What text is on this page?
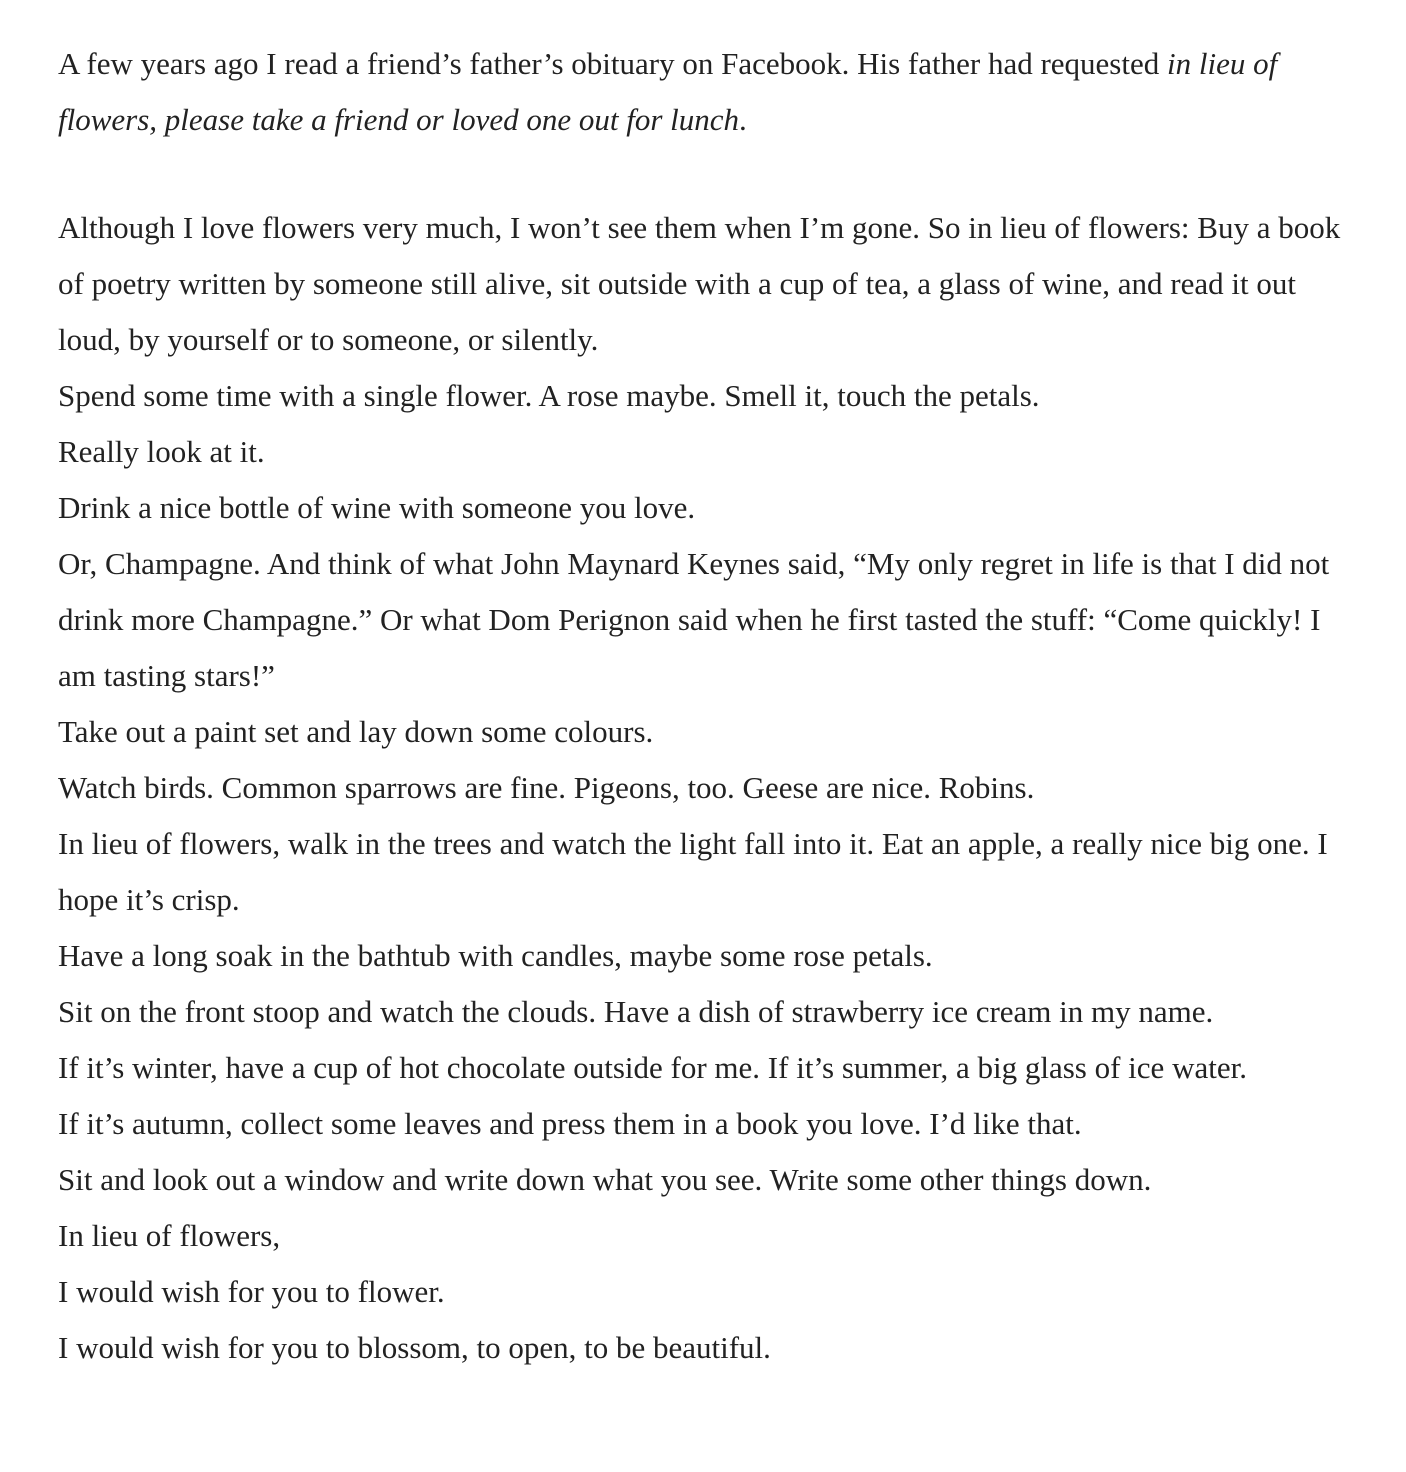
A few years ago I read a friend’s father’s obituary on Facebook. His father had requested in lieu of flowers, please take a friend or loved one out for lunch.

Although I love flowers very much, I won’t see them when I’m gone. So in lieu of flowers: Buy a book of poetry written by someone still alive, sit outside with a cup of tea, a glass of wine, and read it out loud, by yourself or to someone, or silently.

Spend some time with a single flower. A rose maybe. Smell it, touch the petals.

Really look at it.

Drink a nice bottle of wine with someone you love.

Or, Champagne. And think of what John Maynard Keynes said, “My only regret in life is that I did not drink more Champagne.” Or what Dom Perignon said when he first tasted the stuff: “Come quickly! I am tasting stars!”

Take out a paint set and lay down some colours.

Watch birds. Common sparrows are fine. Pigeons, too. Geese are nice. Robins.

In lieu of flowers, walk in the trees and watch the light fall into it. Eat an apple, a really nice big one. I hope it’s crisp.

Have a long soak in the bathtub with candles, maybe some rose petals.

Sit on the front stoop and watch the clouds. Have a dish of strawberry ice cream in my name.

If it’s winter, have a cup of hot chocolate outside for me. If it’s summer, a big glass of ice water.

If it’s autumn, collect some leaves and press them in a book you love. I’d like that.

Sit and look out a window and write down what you see. Write some other things down.

In lieu of flowers,

I would wish for you to flower.

I would wish for you to blossom, to open, to be beautiful.
